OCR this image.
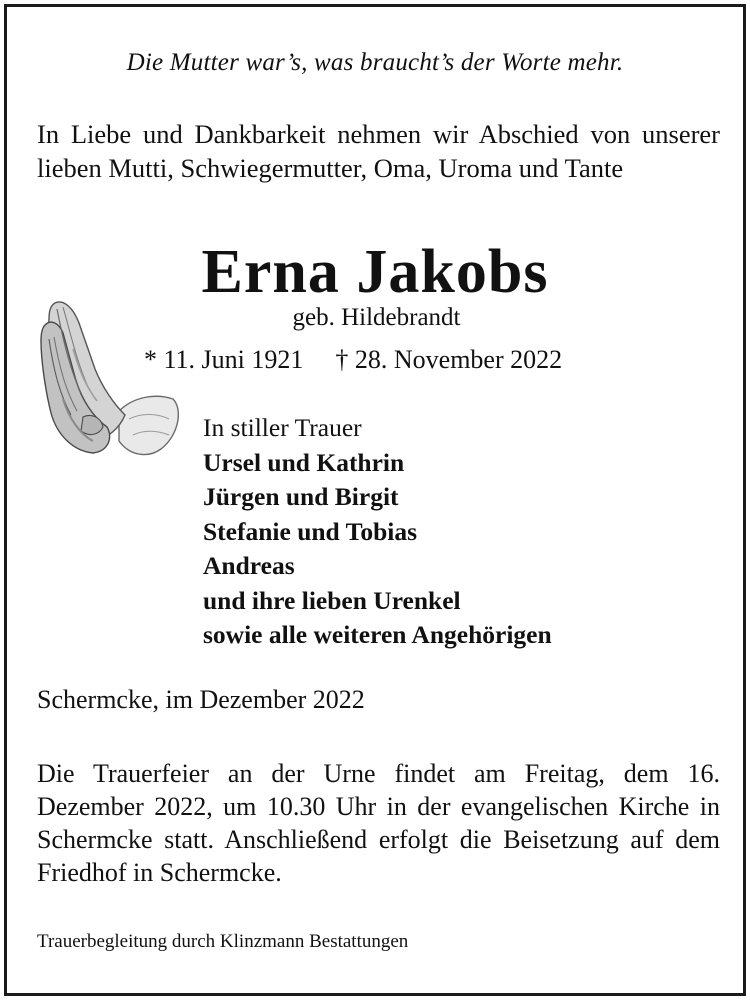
Die Mutter war’s, was braucht’s der Worte mehr.
In Liebe und Dankbarkeit nehmen wir Abschied von unserer lieben Mutti, Schwiegermutter, Oma, Uroma und Tante
Erna Jakobs
geb. Hildebrandt
* 11. Juni 1921 † 28. November 2022
In stiller Trauer
Ursel und Kathrin
Jürgen und Birgit
Stefanie und Tobias
Andreas
und ihre lieben Urenkel
sowie alle weiteren Angehörigen
Schermcke, im Dezember 2022
Die Trauerfeier an der Urne findet am Freitag, dem 16. Dezember 2022, um 10.30 Uhr in der evangelischen Kirche in Schermcke statt. Anschließend erfolgt die Beisetzung auf dem Friedhof in Schermcke.
Trauerbegleitung durch Klinzmann Bestattungen
